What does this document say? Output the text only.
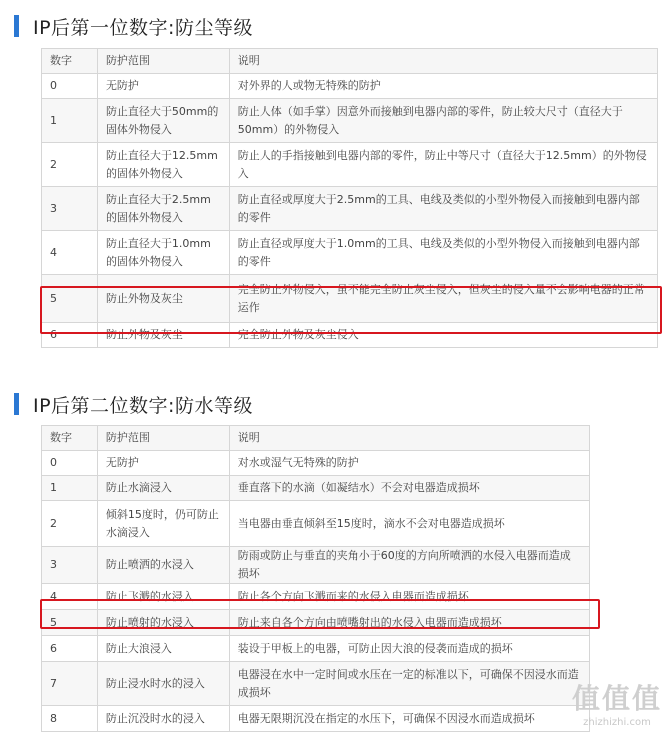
IP后第一位数字:防尘等级
数字	防护范围	说明
0	无防护	对外界的人或物无特殊的防护
1	防止直径大于50mm的固体外物侵入	防止人体（如手掌）因意外而接触到电器内部的零件，防止较大尺寸（直径大于50mm）的外物侵入
2	防止直径大于12.5mm的固体外物侵入	防止人的手指接触到电器内部的零件，防止中等尺寸（直径大于12.5mm）的外物侵入
3	防止直径大于2.5mm的固体外物侵入	防止直径或厚度大于2.5mm的工具、电线及类似的小型外物侵入而接触到电器内部的零件
4	防止直径大于1.0mm的固体外物侵入	防止直径或厚度大于1.0mm的工具、电线及类似的小型外物侵入而接触到电器内部的零件
5	防止外物及灰尘	完全防止外物侵入，虽不能完全防止灰尘侵入，但灰尘的侵入量不会影响电器的正常运作
6	防止外物及灰尘	完全防止外物及灰尘侵入
IP后第二位数字:防水等级
数字	防护范围	说明
0	无防护	对水或湿气无特殊的防护
1	防止水滴浸入	垂直落下的水滴（如凝结水）不会对电器造成损坏
2	倾斜15度时，仍可防止水滴浸入	当电器由垂直倾斜至15度时，滴水不会对电器造成损坏
3	防止喷洒的水浸入	防雨或防止与垂直的夹角小于60度的方向所喷洒的水侵入电器而造成损坏
4	防止飞溅的水浸入	防止各个方向飞溅而来的水侵入电器而造成损坏
5	防止喷射的水浸入	防止来自各个方向由喷嘴射出的水侵入电器而造成损坏
6	防止大浪浸入	装设于甲板上的电器，可防止因大浪的侵袭而造成的损坏
7	防止浸水时水的浸入	电器浸在水中一定时间或水压在一定的标准以下，可确保不因浸水而造成损坏
8	防止沉没时水的浸入	电器无限期沉没在指定的水压下，可确保不因浸水而造成损坏
值值值
zhizhizhi.com
